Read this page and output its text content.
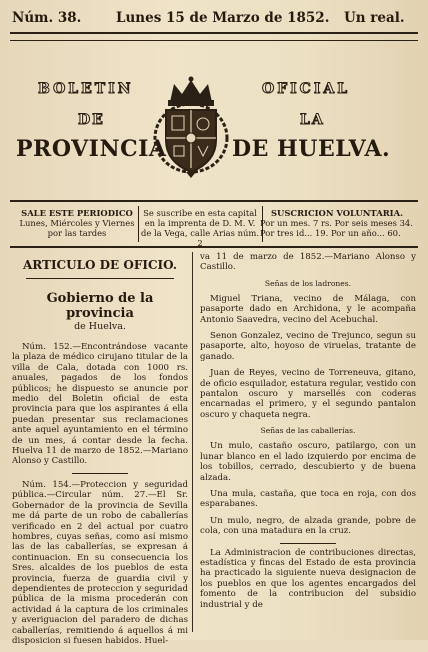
Núm. 38.	Lunes 15 de Marzo de 1852. Un real.
BOLETIN	OFICIAL
DE	LA
PROVINCIA	DE HUELVA.
SALE ESTE PERIODICO
Lunes, Miércoles y Viernes por las tardes
Se suscribe en esta capital en la imprenta de D. M. V. de la Vega, calle Arias núm. 2
SUSCRICION VOLUNTARIA.
Por un mes. 7 rs. Por seis meses 34.
Por tres id... 19. Por un año... 60.
ARTICULO DE OFICIO.
Gobierno de la provincia
de Huelva.
Núm. 152.—Encontrándose vacante la plaza de médico cirujano titular de la villa de Cala, dotada con 1000 rs. anuales, pagados de los fondos públicos; he dispuesto se anuncie por medio del Boletin oficial de esta provincia para que los aspirantes á ella puedan presentar sus reclamaciones ante aquel ayuntamiento en el término de un mes, á contar desde la fecha. Huelva 11 de marzo de 1852.—Mariano Alonso y Castillo.
Núm. 154.—Proteccion y seguridad pública.—Circular núm. 27.—El Sr. Gobernador de la provincia de Sevilla me dá parte de un robo de caballerías verificado en 2 del actual por cuatro hombres, cuyas señas, como así mismo las de las caballerías, se expresan á continuacion. En su consecuencia los Sres. alcaldes de los pueblos de esta provincia, fuerza de guardia civil y dependientes de proteccion y seguridad pública de la misma procederán con actividad á la captura de los criminales y averiguacion del paradero de dichas caballerías, remitiendo á aquellos á mi disposicion si fuesen habidos. Huel-
va 11 de marzo de 1852.—Mariano Alonso y Castillo.
Señas de los ladrones.
Miguel Triana, vecino de Málaga, con pasaporte dado en Archidona, y le acompaña Antonio Saavedra, vecino del Acebuchal.
Senon Gonzalez, vecino de Trejunco, segun su pasaporte, alto, hoyoso de viruelas, tratante de ganado.
Juan de Reyes, vecino de Torreneuva, gitano, de oficio esquilador, estatura regular, vestido con pantalon oscuro y marsellés con coderas encarnadas el primero, y el segundo pantalon oscuro y chaqueta negra.
Señas de las caballerías.
Un mulo, castaño oscuro, patilargo, con un lunar blanco en el lado izquierdo por encima de los tobillos, cerrado, descubierto y de buena alzada.
Una mula, castaña, que toca en roja, con dos esparabanes.
Un mulo, negro, de alzada grande, pobre de cola, con una matadura en la cruz.
La Administracion de contribuciones directas, estadística y fincas del Estado de esta provincia ha practicado la siguiente nueva designacion de los pueblos en que los agentes encargados del fomento de la contribucion del subsidio industrial y de
